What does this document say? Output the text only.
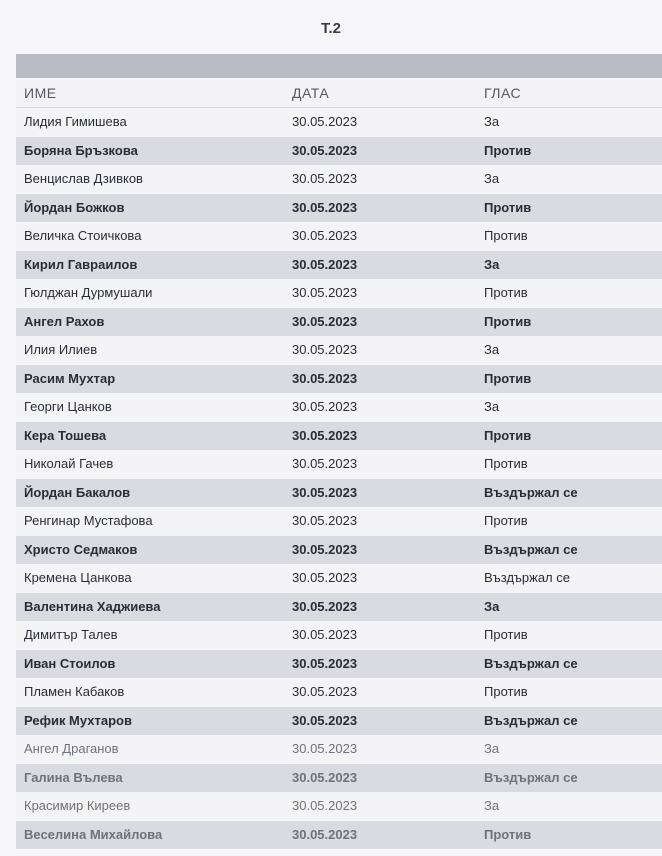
Т.2
ИМЕ	ДАТА	ГЛАС
Лидия Гимишева	30.05.2023	За
Боряна Бръзкова	30.05.2023	Против
Венцислав Дзивков	30.05.2023	За
Йордан Божков	30.05.2023	Против
Величка Стоичкова	30.05.2023	Против
Кирил Гавраилов	30.05.2023	За
Гюлджан Дурмушали	30.05.2023	Против
Ангел Рахов	30.05.2023	Против
Илия Илиев	30.05.2023	За
Расим Мухтар	30.05.2023	Против
Георги Цанков	30.05.2023	За
Кера Тошева	30.05.2023	Против
Николай Гачев	30.05.2023	Против
Йордан Бакалов	30.05.2023	Въздържал се
Ренгинар Мустафова	30.05.2023	Против
Христо Седмаков	30.05.2023	Въздържал се
Кремена Цанкова	30.05.2023	Въздържал се
Валентина Хаджиева	30.05.2023	За
Димитър Талев	30.05.2023	Против
Иван Стоилов	30.05.2023	Въздържал се
Пламен Кабаков	30.05.2023	Против
Рефик Мухтаров	30.05.2023	Въздържал се
Ангел Драганов	30.05.2023	За
Галина Вълева	30.05.2023	Въздържал се
Красимир Киреев	30.05.2023	За
Веселина Михайлова	30.05.2023	Против
